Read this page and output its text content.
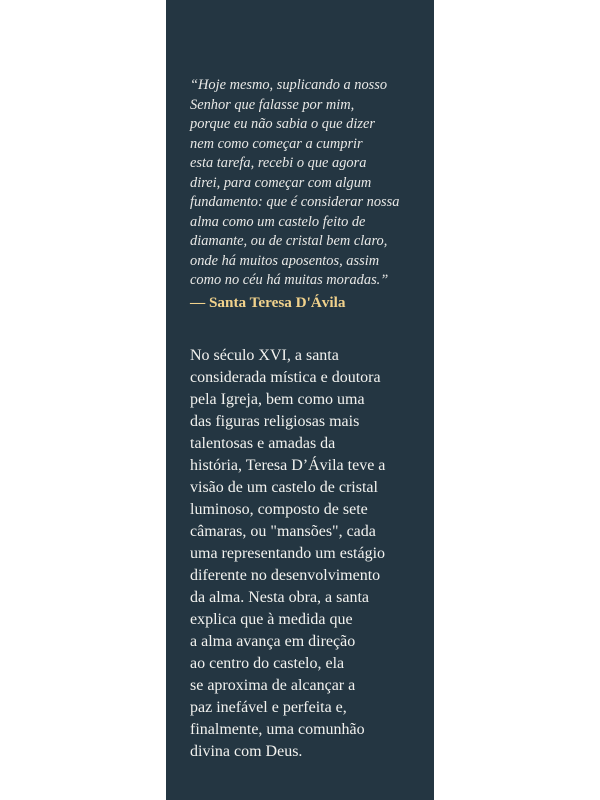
“Hoje mesmo, suplicando a nosso
Senhor que falasse por mim,
porque eu não sabia o que dizer
nem como começar a cumprir
esta tarefa, recebi o que agora
direi, para começar com algum
fundamento: que é considerar nossa
alma como um castelo feito de
diamante, ou de cristal bem claro,
onde há muitos aposentos, assim
como no céu há muitas moradas.”
— Santa Teresa D'Ávila
No século XVI, a santa
considerada mística e doutora
pela Igreja, bem como uma
das figuras religiosas mais
talentosas e amadas da
história, Teresa D’Ávila teve a
visão de um castelo de cristal
luminoso, composto de sete
câmaras, ou "mansões", cada
uma representando um estágio
diferente no desenvolvimento
da alma. Nesta obra, a santa
explica que à medida que
a alma avança em direção
ao centro do castelo, ela
se aproxima de alcançar a
paz inefável e perfeita e,
finalmente, uma comunhão
divina com Deus.
